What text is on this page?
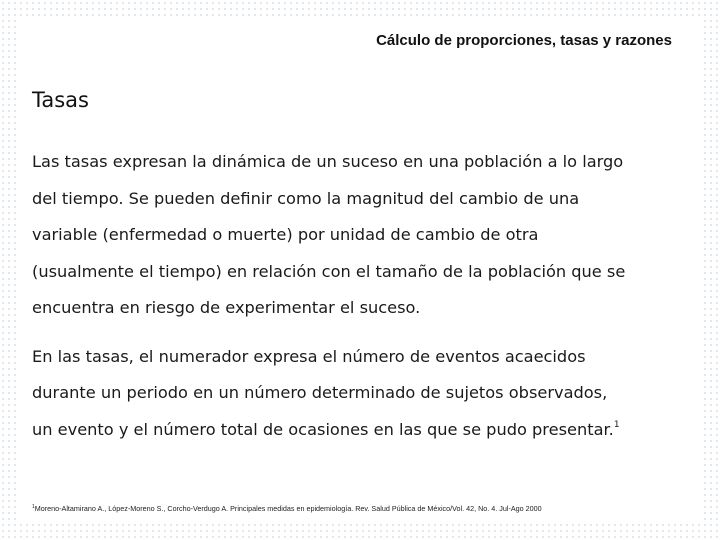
Cálculo de proporciones, tasas y razones
Tasas

Las tasas expresan la dinámica de un suceso en una población a lo largo
del tiempo. Se pueden definir como la magnitud del cambio de una
variable (enfermedad o muerte) por unidad de cambio de otra
(usualmente el tiempo) en relación con el tamaño de la población que se
encuentra en riesgo de experimentar el suceso.

En las tasas, el numerador expresa el número de eventos acaecidos
durante un periodo en un número determinado de sujetos observados,
un evento y el número total de ocasiones en las que se pudo presentar.$^1$

$^1$Moreno-Altamirano A., López-Moreno S., Corcho-Verdugo A. Principales medidas en epidemiología. Rev. Salud Pública de México/Vol. 42, No. 4. Jul-Ago 2000
